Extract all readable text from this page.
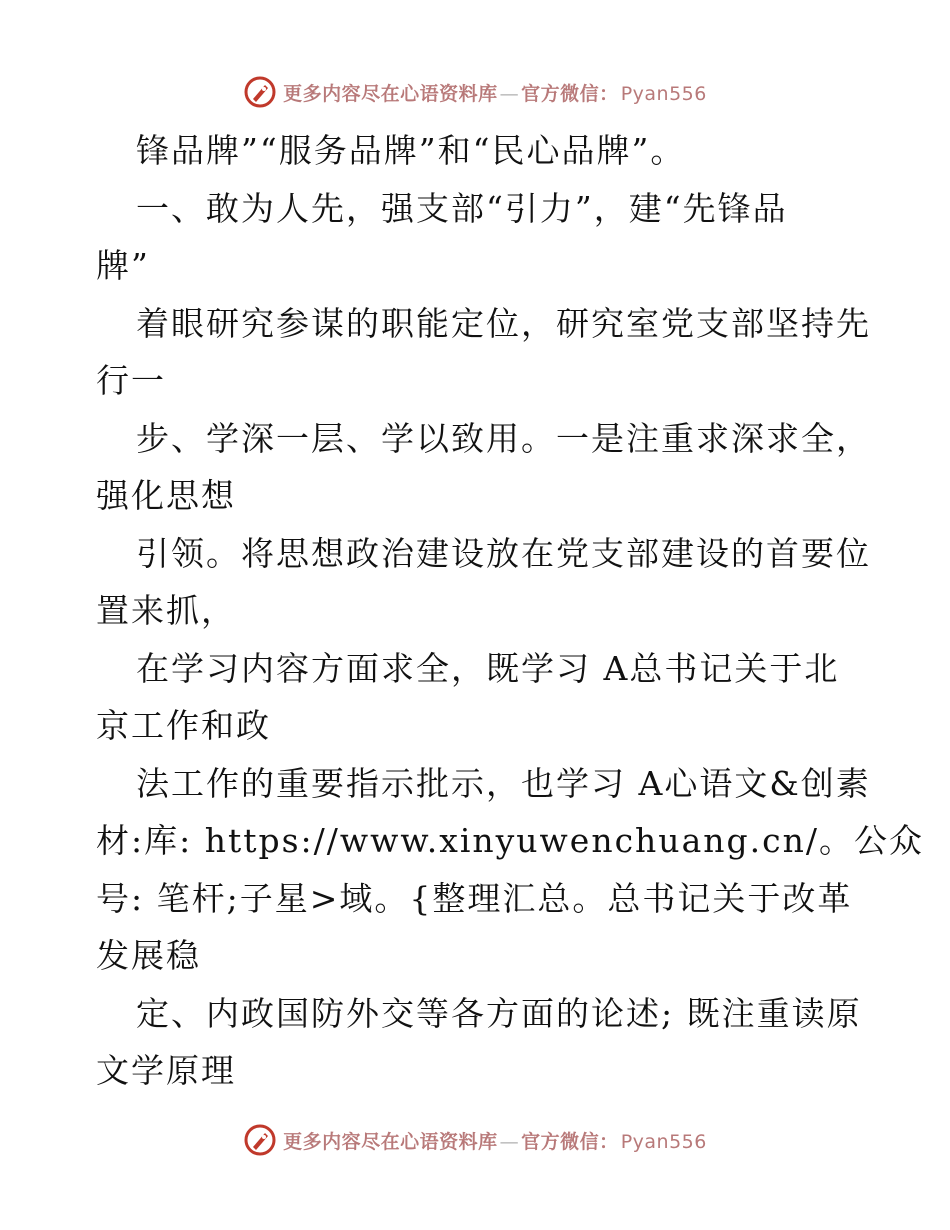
更多内容尽在心语资料库 — 官方微信： Pyan556
锋品牌”“服务品牌”和“民心品牌”。
一、敢为人先，强支部“引力”，建“先锋品
牌”
着眼研究参谋的职能定位，研究室党支部坚持先
行一
步、学深一层、学以致用。一是注重求深求全，
强化思想
引领。将思想政治建设放在党支部建设的首要位
置来抓，
在学习内容方面求全，既学习 A总书记关于北
京工作和政
法工作的重要指示批示，也学习 A心语文&创素
材:库: https://www.xinyuwenchuang.cn/。公众
号: 笔杆;子星>域。{整理汇总。总书记关于改革
发展稳
定、内政国防外交等各方面的论述; 既注重读原
文学原理
更多内容尽在心语资料库 — 官方微信： Pyan556
